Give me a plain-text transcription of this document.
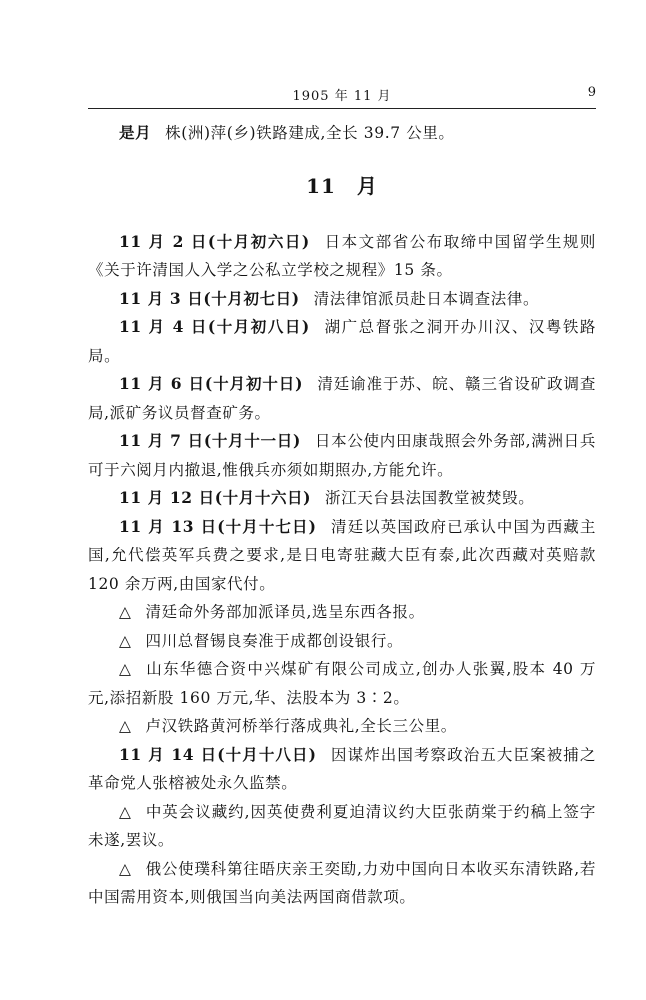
1905 年 11 月	9

是月 株(洲)萍(乡)铁路建成,全长 39.7 公里。

11　月

11 月 2 日(十月初六日) 日本文部省公布取缔中国留学生规则《关于许清国人入学之公私立学校之规程》15 条。

11 月 3 日(十月初七日) 清法律馆派员赴日本调查法律。

11 月 4 日(十月初八日) 湖广总督张之洞开办川汉、汉粤铁路局。

11 月 6 日(十月初十日) 清廷谕准于苏、皖、赣三省设矿政调查局,派矿务议员督查矿务。

11 月 7 日(十月十一日) 日本公使内田康哉照会外务部,满洲日兵可于六阅月内撤退,惟俄兵亦须如期照办,方能允许。

11 月 12 日(十月十六日) 浙江天台县法国教堂被焚毁。

11 月 13 日(十月十七日) 清廷以英国政府已承认中国为西藏主国,允代偿英军兵费之要求,是日电寄驻藏大臣有泰,此次西藏对英赔款 120 余万两,由国家代付。

△ 清廷命外务部加派译员,选呈东西各报。

△ 四川总督锡良奏准于成都创设银行。

△ 山东华德合资中兴煤矿有限公司成立,创办人张翼,股本 40 万元,添招新股 160 万元,华、法股本为 3∶2。

△ 卢汉铁路黄河桥举行落成典礼,全长三公里。

11 月 14 日(十月十八日) 因谋炸出国考察政治五大臣案被捕之革命党人张榕被处永久监禁。

△ 中英会议藏约,因英使费利夏迫清议约大臣张荫棠于约稿上签字未遂,罢议。

△ 俄公使璞科第往晤庆亲王奕劻,力劝中国向日本收买东清铁路,若中国需用资本,则俄国当向美法两国商借款项。
